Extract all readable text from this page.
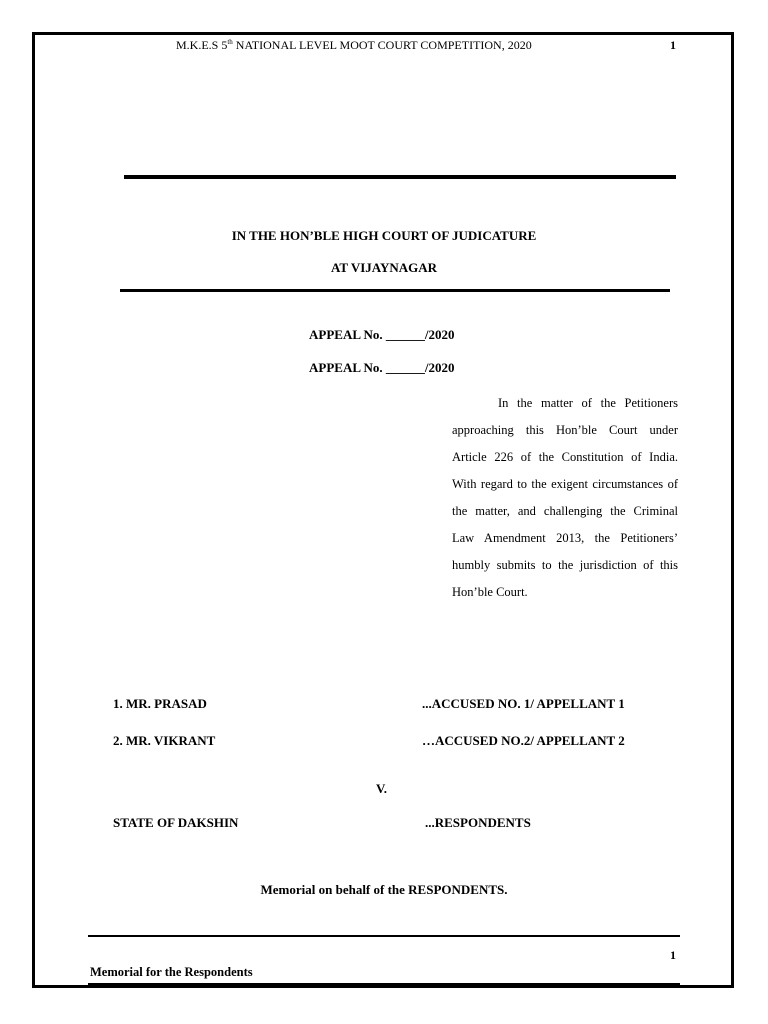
M.K.E.S 5th NATIONAL LEVEL MOOT COURT COMPETITION, 2020	1
IN THE HON’BLE HIGH COURT OF JUDICATURE
AT VIJAYNAGAR
APPEAL No. ______/2020
APPEAL No. ______/2020
In the matter of the Petitioners approaching this Hon’ble Court under Article 226 of the Constitution of India. With regard to the exigent circumstances of the matter, and challenging the Criminal Law Amendment 2013, the Petitioners’ humbly submits to the jurisdiction of this Hon’ble Court.
1. MR. PRASAD	...ACCUSED NO. 1/ APPELLANT 1
2. MR. VIKRANT	…ACCUSED NO.2/ APPELLANT 2
V.
STATE OF DAKSHIN	...RESPONDENTS
Memorial on behalf of the RESPONDENTS.
1
Memorial for the Respondents
